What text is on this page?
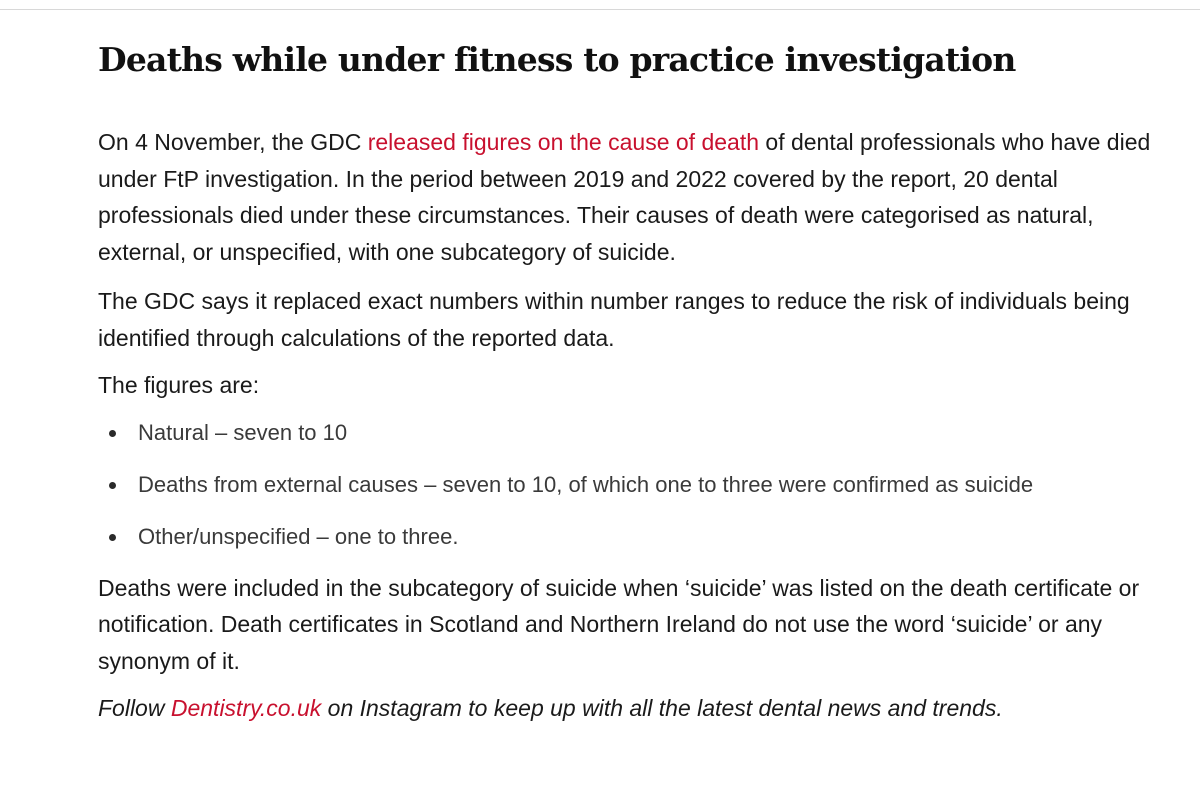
Deaths while under fitness to practice investigation

On 4 November, the GDC released figures on the cause of death of dental professionals who have died under FtP investigation. In the period between 2019 and 2022 covered by the report, 20 dental professionals died under these circumstances. Their causes of death were categorised as natural, external, or unspecified, with one subcategory of suicide.

The GDC says it replaced exact numbers within number ranges to reduce the risk of individuals being identified through calculations of the reported data.

The figures are:

Natural – seven to 10
Deaths from external causes – seven to 10, of which one to three were confirmed as suicide
Other/unspecified – one to three.

Deaths were included in the subcategory of suicide when ‘suicide’ was listed on the death certificate or notification. Death certificates in Scotland and Northern Ireland do not use the word ‘suicide’ or any synonym of it.

Follow Dentistry.co.uk on Instagram to keep up with all the latest dental news and trends.
